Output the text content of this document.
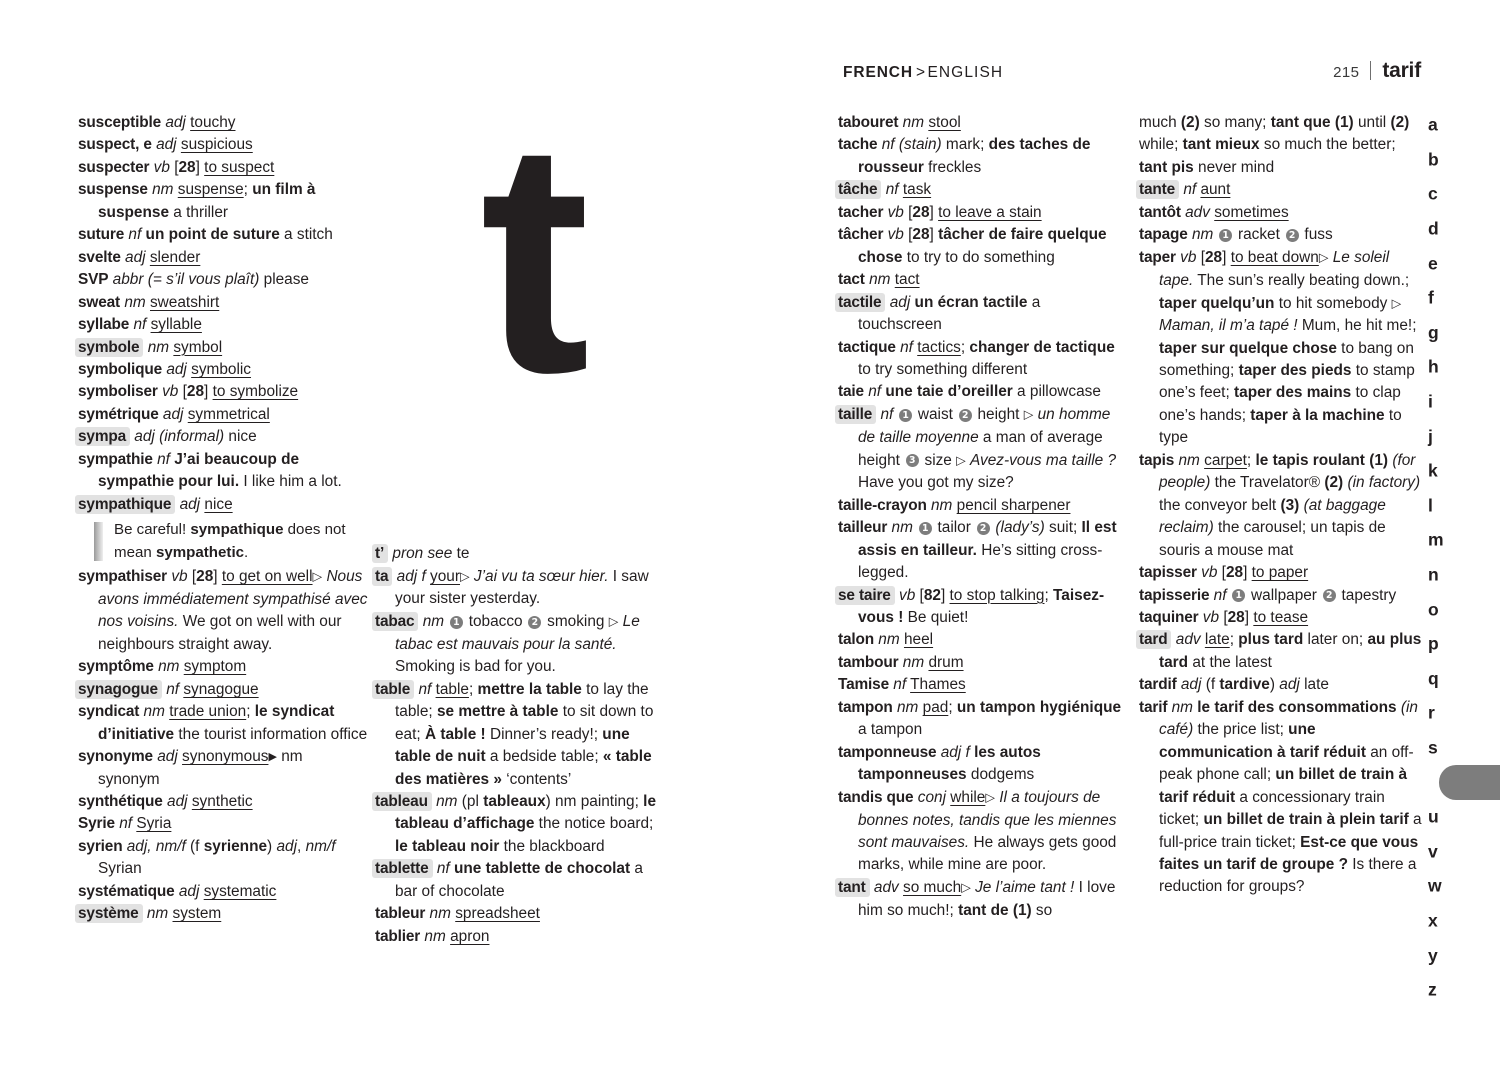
FRENCH > ENGLISH	215 tarif
t
susceptible adj touchy
suspect, e adj suspicious
suspecter vb [28] to suspect
suspense nm suspense; un film à suspense a thriller
suture nf un point de suture a stitch
svelte adj slender
SVP abbr (= s’il vous plaît) please
sweat nm sweatshirt
syllabe nf syllable
symbole nm symbol
symbolique adj symbolic
symboliser vb [28] to symbolize
symétrique adj symmetrical
sympa adj (informal) nice
sympathie nf J’ai beaucoup de sympathie pour lui. I like him a lot.
sympathique adj nice
Be careful! sympathique does not mean sympathetic.
sympathiser vb [28] to get on well▷ Nous avons immédiatement sympathisé avec nos voisins. We got on well with our neighbours straight away.
symptôme nm symptom
synagogue nf synagogue
syndicat nm trade union; le syndicat d’initiative the tourist information office
synonyme adj synonymous▶ nm synonym
synthétique adj synthetic
Syrie nf Syria
syrien adj, nm/f (f syrienne) adj, nm/f Syrian
systématique adj systematic
système nm system
t’ pron see te
ta adj f your▷ J’ai vu ta sœur hier. I saw your sister yesterday.
tabac nm 1 tobacco 2 smoking ▷ Le tabac est mauvais pour la santé. Smoking is bad for you.
table nf table; mettre la table to lay the table; se mettre à table to sit down to eat; À table ! Dinner’s ready!; une table de nuit a bedside table; « table des matières » ‘contents’
tableau nm (pl tableaux) nm painting; le tableau d’affichage the notice board; le tableau noir the blackboard
tablette nf une tablette de chocolat a bar of chocolate
tableur nm spreadsheet
tablier nm apron
tabouret nm stool
tache nf (stain) mark; des taches de rousseur freckles
tâche nf task
tacher vb [28] to leave a stain
tâcher vb [28] tâcher de faire quelque chose to try to do something
tact nm tact
tactile adj un écran tactile a touchscreen
tactique nf tactics; changer de tactique to try something different
taie nf une taie d’oreiller a pillowcase
taille nf 1 waist 2 height ▷ un homme de taille moyenne a man of average height 3 size ▷ Avez-vous ma taille ? Have you got my size?
taille-crayon nm pencil sharpener
tailleur nm 1 tailor 2 (lady’s) suit; Il est assis en tailleur. He’s sitting cross-legged.
se taire vb [82] to stop talking; Taisez-vous ! Be quiet!
talon nm heel
tambour nm drum
Tamise nf Thames
tampon nm pad; un tampon hygiénique a tampon
tamponneuse adj f les autos tamponneuses dodgems
tandis que conj while▷ Il a toujours de bonnes notes, tandis que les miennes sont mauvaises. He always gets good marks, while mine are poor.
tant adv so much▷ Je l’aime tant ! I love him so much!; tant de (1) so
much (2) so many; tant que (1) until (2) while; tant mieux so much the better; tant pis never mind
tante nf aunt
tantôt adv sometimes
tapage nm 1 racket 2 fuss
taper vb [28] to beat down▷ Le soleil tape. The sun’s really beating down.; taper quelqu’un to hit somebody ▷ Maman, il m’a tapé ! Mum, he hit me!; taper sur quelque chose to bang on something; taper des pieds to stamp one’s feet; taper des mains to clap one’s hands; taper à la machine to type
tapis nm carpet; le tapis roulant (1) (for people) the Travelator® (2) (in factory) the conveyor belt (3) (at baggage reclaim) the carousel; un tapis de souris a mouse mat
tapisser vb [28] to paper
tapisserie nf 1 wallpaper 2 tapestry
taquiner vb [28] to tease
tard adv late; plus tard later on; au plus tard at the latest
tardif adj (f tardive) adj late
tarif nm le tarif des consommations (in café) the price list; une communication à tarif réduit an off-peak phone call; un billet de train à tarif réduit a concessionary train ticket; un billet de train à plein tarif a full-price train ticket; Est-ce que vous faites un tarif de groupe ? Is there a reduction for groups?
a
b
c
d
e
f
g
h
i
j
k
l
m
n
o
p
q
r
s
t
u
v
w
x
y
z
